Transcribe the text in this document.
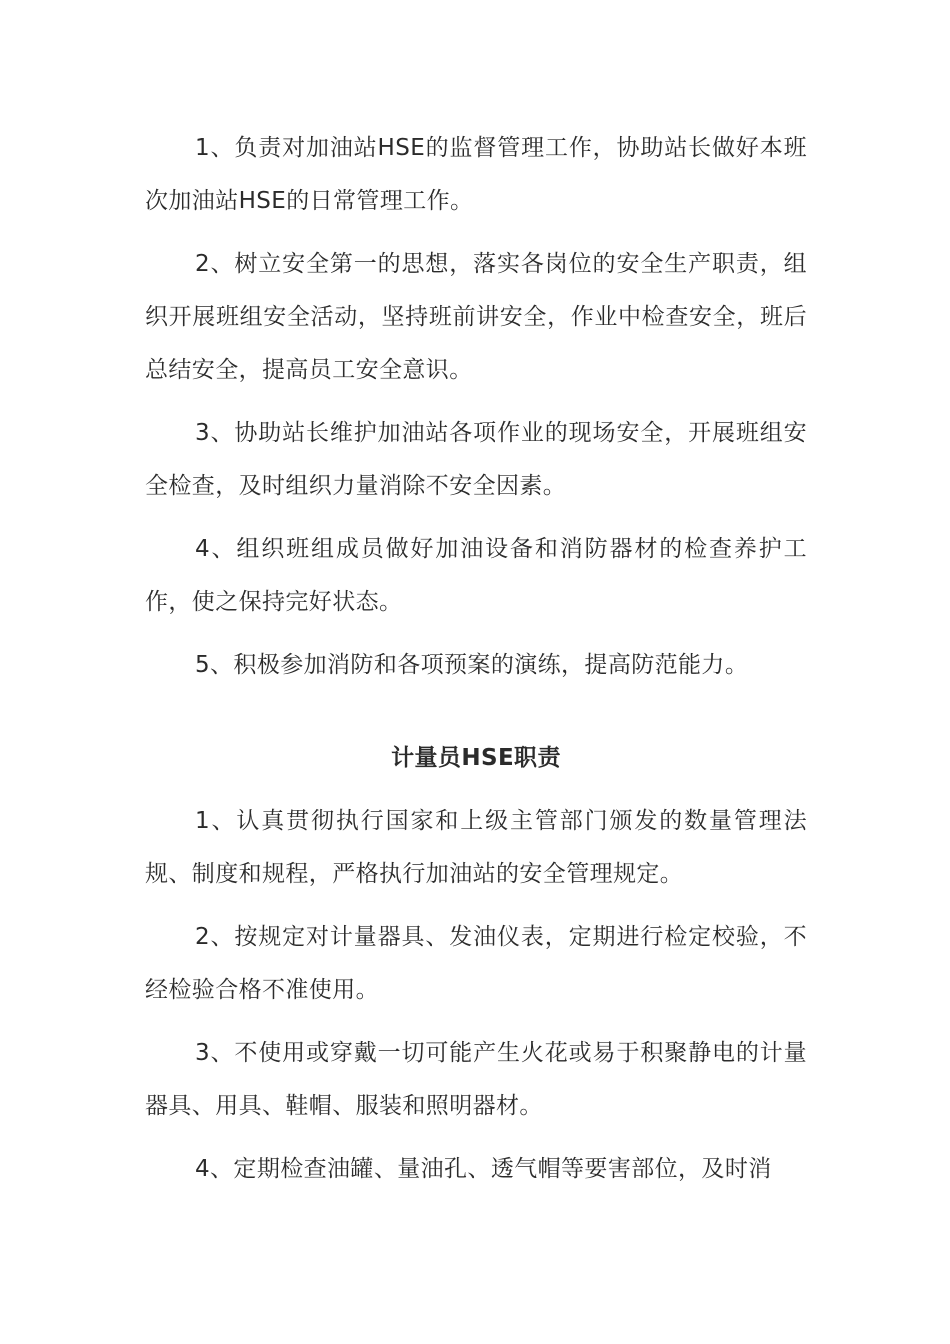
1、负责对加油站HSE的监督管理工作，协助站长做好本班次加油站HSE的日常管理工作。

2、树立安全第一的思想，落实各岗位的安全生产职责，组织开展班组安全活动，坚持班前讲安全，作业中检查安全，班后总结安全，提高员工安全意识。

3、协助站长维护加油站各项作业的现场安全，开展班组安全检查，及时组织力量消除不安全因素。

4、组织班组成员做好加油设备和消防器材的检查养护工作，使之保持完好状态。

5、积极参加消防和各项预案的演练，提高防范能力。

计量员HSE职责

1、认真贯彻执行国家和上级主管部门颁发的数量管理法规、制度和规程，严格执行加油站的安全管理规定。

2、按规定对计量器具、发油仪表，定期进行检定校验，不经检验合格不准使用。

3、不使用或穿戴一切可能产生火花或易于积聚静电的计量器具、用具、鞋帽、服装和照明器材。

4、定期检查油罐、量油孔、透气帽等要害部位，及时消
